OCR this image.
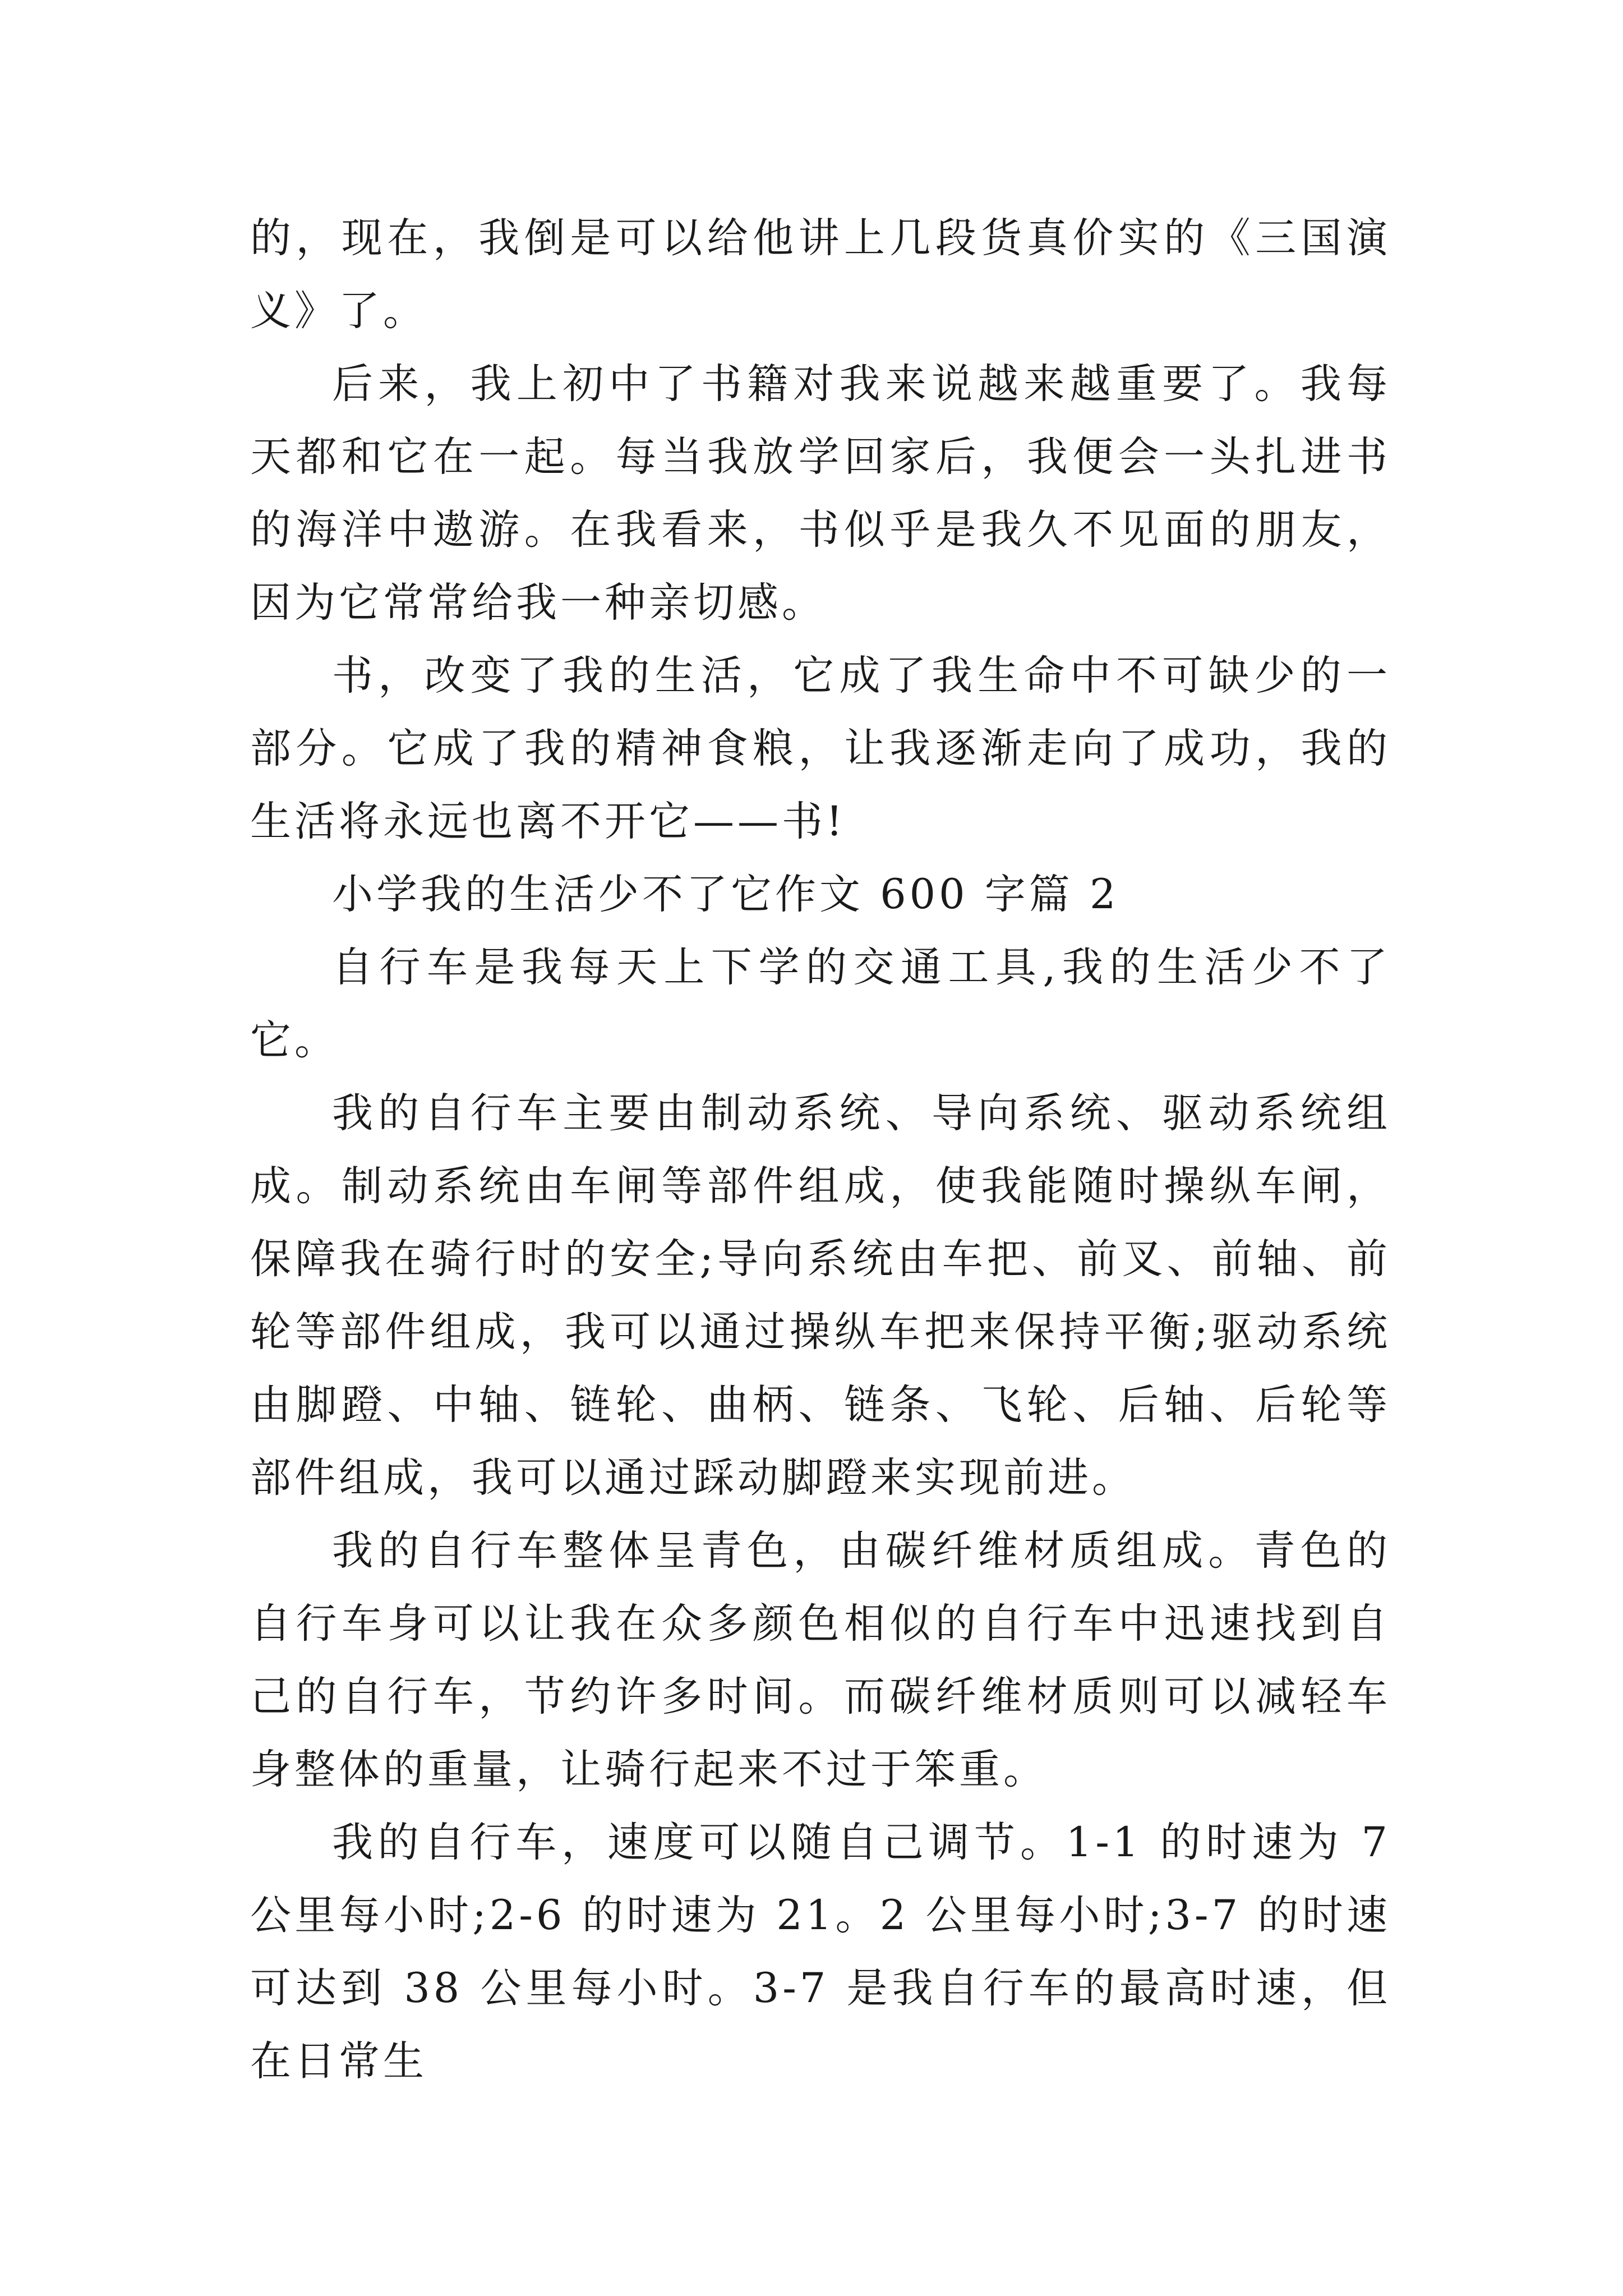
的，现在，我倒是可以给他讲上几段货真价实的《三国演义》了。

后来，我上初中了书籍对我来说越来越重要了。我每天都和它在一起。每当我放学回家后，我便会一头扎进书的海洋中遨游。在我看来，书似乎是我久不见面的朋友，因为它常常给我一种亲切感。

书，改变了我的生活，它成了我生命中不可缺少的一部分。它成了我的精神食粮，让我逐渐走向了成功，我的生活将永远也离不开它——书!

小学我的生活少不了它作文 600 字篇 2

自行车是我每天上下学的交通工具,我的生活少不了它。

我的自行车主要由制动系统、导向系统、驱动系统组成。制动系统由车闸等部件组成，使我能随时操纵车闸，保障我在骑行时的安全;导向系统由车把、前叉、前轴、前轮等部件组成，我可以通过操纵车把来保持平衡;驱动系统由脚蹬、中轴、链轮、曲柄、链条、飞轮、后轴、后轮等部件组成，我可以通过踩动脚蹬来实现前进。

我的自行车整体呈青色，由碳纤维材质组成。青色的自行车身可以让我在众多颜色相似的自行车中迅速找到自己的自行车，节约许多时间。而碳纤维材质则可以减轻车身整体的重量，让骑行起来不过于笨重。

我的自行车，速度可以随自己调节。1-1 的时速为 7 公里每小时;2-6 的时速为 21。2 公里每小时;3-7 的时速可达到 38 公里每小时。3-7 是我自行车的最高时速，但在日常生
